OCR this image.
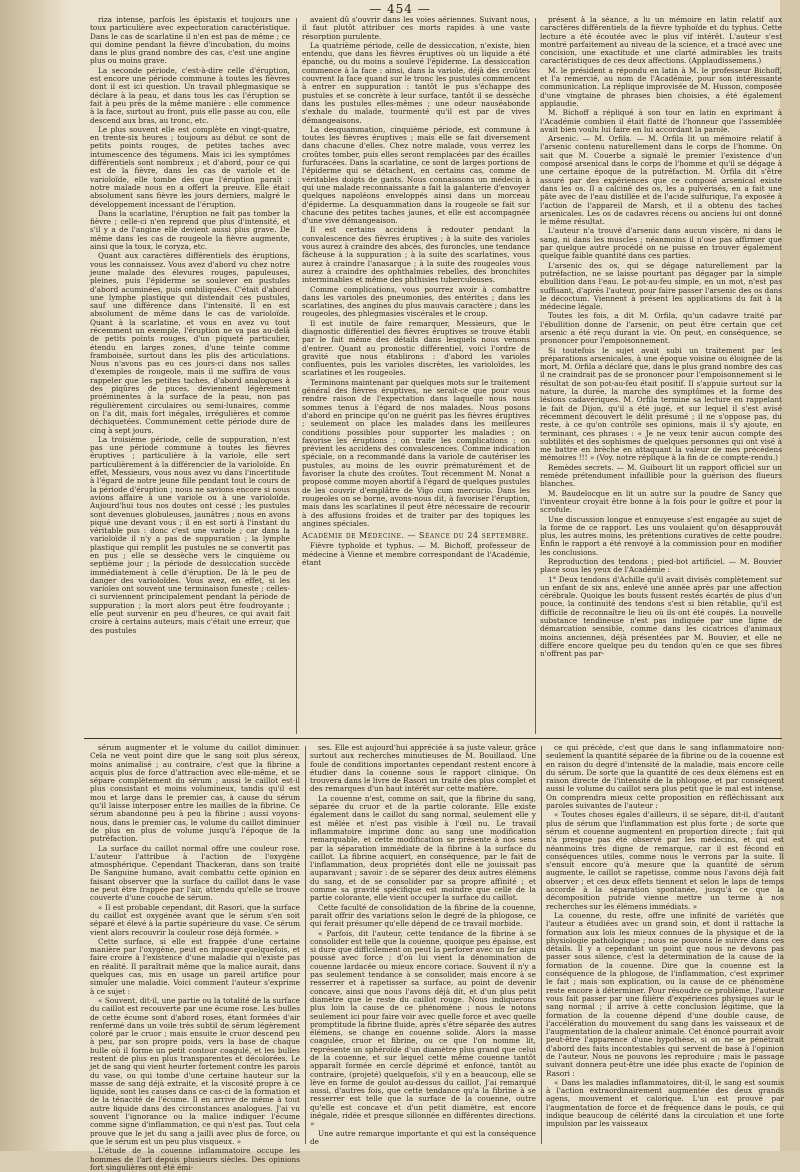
— 454 —

riza intense, parfois les épistaxis et toujours une toux particulière avec expectoration caractéristique. Dans le cas de scarlatine il n'en est pas de même ; ce qui domine pendant la fièvre d'incubation, du moins dans le plus grand nombre des cas, c'est une angine plus ou moins grave.

La seconde période, c'est-à-dire celle d'éruption, est encore une période commune à toutes les fièvres dont il est ici question. Un travail phlegmasique se déclare à la peau, et dans tous les cas l'éruption se fait à peu près de la même manière : elle commence à la face, surtout au front, puis elle passe au cou, elle descend aux bras, au tronc, etc.

Le plus souvent elle est complète en vingt-quatre, en trente-six heures ; toujours au début ce sont de petits points rouges, de petites taches avec intumescence des tégumens. Mais ici les symptômes différentiels sont nombreux ; et d'abord, pour ce qui est de la fièvre, dans les cas de variole et de varioloïde, elle tombe dès que l'éruption paraît : notre malade nous en a offert la preuve. Elle était absolument sans fièvre les jours derniers, malgré le développement incessant de l'éruption.

Dans la scarlatine, l'éruption ne fait pas tomber la fièvre ; celle-ci n'en reprend que plus d'intensité, et s'il y a de l'angine elle devient aussi plus grave. De même dans les cas de rougeole la fièvre augmente, ainsi que la toux, le coryza, etc.

Quant aux caractères différentiels des éruptions, vous les connaissez. Vous avez d'abord vu chez notre jeune malade des élevures rouges, papuleuses, pleines, puis l'épiderme se soulever en pustules d'abord acuminées, puis ombiliquées. C'était d'abord une lymphe plastique qui distendait ces pustules, sauf une différence dans l'intensité. Il en est absolument de même dans le cas de varioloïde. Quant à la scarlatine, et vous en avez vu tout récemment un exemple, l'éruption ne va pas au-delà de petits points rouges, d'un piqueté particulier, étendu en larges zones, d'une teinte comme framboisée, surtout dans les plis des articulations. Nous n'avons pas eu ces jours-ci dans nos salles d'exemples de rougeole, mais il me suffira de vous rappeler que les petites taches, d'abord analogues à des piqûres de puces, deviennent légèrement proéminentes à la surface de la peau, non pas régulièrement circulaires ou semi-lunaires, comme on l'a dit, mais fort inégales, irrégulières et comme déchiquetées. Communément cette période dure de cinq à sept jours.

La troisième période, celle de suppuration, n'est pas une période commune à toutes les fièvres éruptives ; particulière à la variole, elle sert particulièrement à la différencier de la varioloïde. En effet, Messieurs, vous nous avez vu dans l'incertitude à l'égard de notre jeune fille pendant tout le cours de la période d'éruption ; nous ne savions encore si nous avions affaire à une variole ou à une varioloïde. Aujourd'hui tous nos doutes ont cessé ; les pustules sont devenues globuleuses, jaunâtres ; nous en avons piqué une devant vous ; il en est sorti à l'instant du véritable pus : donc c'est une variole ; car dans la varioloïde il n'y a pas de suppuration ; la lymphe plastique qui remplit les pustules ne se convertit pas en pus ; elle se dessèche vers le cinquième ou septième jour ; la période de dessiccation succède immédiatement à celle d'éruption. De là le peu de danger des varioloïdes. Vous avez, en effet, si les varioles ont souvent une terminaison funeste ; celles-ci surviennent principalement pendant la période de suppuration ; la mort alors peut être foudroyante ; elle peut survenir en peu d'heures, ce qui avait fait croire à certains auteurs, mais c'était une erreur, que des pustules

avaient dû s'ouvrir dans les voies aériennes. Suivant nous, il faut plutôt attribuer ces morts rapides à une vaste résorption purulente.

La quatrième période, celle de dessiccation, n'existe, bien entendu, que dans les fièvres éruptives où un liquide a été épanché, ou du moins a soulevé l'épiderme. La dessiccation commence à la face : ainsi, dans la variole, déjà des croûtes couvrent la face quand sur le tronc les pustules commencent à entrer en suppuration : tantôt le pus s'échappe des pustules et se concrète à leur surface, tantôt il se dessèche dans les pustules elles-mêmes ; une odeur nauséabonde s'exhale du malade, tourmenté qu'il est par de vives démangeaisons.

La desquammation, cinquième période, est commune à toutes les fièvres éruptives ; mais elle se fait diversement dans chacune d'elles. Chez notre malade, vous verrez les croûtes tomber, puis elles seront remplacées par des écailles furfuracées. Dans la scarlatine, ce sont de larges portions de l'épiderme qui se détachent, en certains cas, comme de véritables doigts de gants. Nous connaissons un médecin à qui une malade reconnaissante a fait la galanterie d'envoyer quelques napoléons enveloppés ainsi dans un morceau d'épiderme. La desquammation dans la rougeole se fait sur chacune des petites taches jaunes, et elle est accompagnée d'une vive démangeaison.

Il est certains accidens à redouter pendant la convalescence des fièvres éruptives ; à la suite des varioles vous aurez à craindre des abcès, des furoncles, une tendance fâcheuse à la suppuration ; à la suite des scarlatines, vous aurez à craindre l'anasarque ; à la suite des rougeoles vous aurez à craindre des ophthalmies rebelles, des bronchites interminables et même des phthisies tuberculeuses.

Comme complications, vous pourrez avoir à combattre dans les varioles des pneumonies, des entérites ; dans les scarlatines, des angines du plus mauvais caractère ; dans les rougeoles, des phlegmasies viscérales et le croup.

Il est inutile de faire remarquer, Messieurs, que le diagnostic différentiel des fièvres éruptives se trouve établi par le fait même des détails dans lesquels nous venons d'entrer. Quant au pronostic différentiel, voici l'ordre de gravité que nous établirons : d'abord les varioles confluentes, puis les varioles discrètes, les varioloïdes, les scarlatines et les rougeoles.

Terminons maintenant par quelques mots sur le traitement général des fièvres éruptives, ne serait-ce que pour vous rendre raison de l'expectation dans laquelle nous nous sommes tenus à l'égard de nos malades. Nous posons d'abord en principe qu'on ne guérit pas les fièvres éruptives ; seulement on place les malades dans les meilleures conditions possibles pour supporter les maladies ; on favorise les éruptions ; on traite les complications ; on prévient les accidens des convalescences. Comme indication spéciale, on a recommandé dans la variole de cautériser les pustules, au moins de les ouvrir prématurément et de favoriser la chute des croûtes. Tout récemment M. Nonat a proposé comme moyen abortif à l'égard de quelques pustules de les couvrir d'emplâtre de Vigo cum mercurio. Dans les rougeoles on se borne, avons-nous dit, à favoriser l'éruption, mais dans les scarlatines il peut être nécessaire de recourir à des affusions froides et de traiter par des topiques les angines spéciales.

Académie de Médecine. — Séance du 24 septembre.

Fièvre typhoïde et typhus. — M. Bichoff, professeur de médecine à Vienne et membre correspondant de l'Académie, étant

présent à la séance, a lu un mémoire en latin relatif aux caractères différentiels de la fièvre typhoïde et du typhus. Cette lecture a été écoutée avec le plus vif intérêt. L'auteur s'est montré parfaitement au niveau de la science, et a tracé avec une concision, une exactitude et une clarté admirables les traits caractéristiques de ces deux affections. (Applaudissemens.)

M. le président a répondu en latin à M. le professeur Bichoff, et l'a remercié, au nom de l'Académie, pour son intéressante communication. La réplique improvisée de M. Husson, composée d'une vingtaine de phrases bien choisies, a été également applaudie.

M. Bichoff a répliqué à son tour en latin en exprimant à l'Académie combien il était flatté de l'honneur que l'assemblée avait bien voulu lui faire en lui accordant la parole.

Arsenic. — M. Orfila. — M. Orfila lit un mémoire relatif à l'arsenic contenu naturellement dans le corps de l'homme. On sait que M. Couerbe a signalé le premier l'existence d'un composé arsenical dans le corps de l'homme et qu'il se dégage à une certaine époque de la putréfaction. M. Orfila dit s'être assuré par des expériences que ce composé arsenical existe dans les os. Il a calciné des os, les a pulvérisés, en a fait une pâte avec de l'eau distillée et de l'acide sulfurique, l'a exposée à l'action de l'appareil de Marsh, et il a obtenu des taches arsenicales. Les os de cadavres récens ou anciens lui ont donné le même résultat.

L'auteur n'a trouvé d'arsenic dans aucun viscère, ni dans le sang, ni dans les muscles ; néanmoins il n'ose pas affirmer que par quelque autre procédé on ne puisse en trouver également quelque faible quantité dans ces parties.

L'arsenic des os, qui se dégage naturellement par la putréfaction, ne se laisse pourtant pas dégager par la simple ébullition dans l'eau. Le pot-au-feu simple, en un mot, n'est pas suffisant, d'après l'auteur, pour faire passer l'arsenic des os dans le décoctum. Viennent à présent les applications du fait à la médecine légale.

Toutes les fois, a dit M. Orfila, qu'un cadavre traité par l'ébullition donne de l'arsenic, on peut être certain que cet arsenic a été reçu durant la vie. On peut, en conséquence, se prononcer pour l'empoisonnement.

Si toutefois le sujet avait subi un traitement par les préparations arsenicales, à une époque voisine ou éloignée de la mort, M. Orfila a déclaré que, dans le plus grand nombre des cas il ne craindrait pas de se prononcer pour l'empoisonnement si le résultat de son pot-au-feu était positif. Il s'appuie surtout sur la nature, la durée, la marche des symptômes et la forme des lésions cadavériques. M. Orfila termine sa lecture en rappelant le fait de Dijon, qu'il a été jugé, et sur lequel il s'est avisé récemment découvert le délit présumé ; il ne s'oppose pas, du reste, à ce qu'on contrôle ses opinions, mais il s'y ajoute, en terminant, ces phrases : « Je ne veux tenir aucun compte des subtilités et des sophismes de quelques personnes qui ont visé à me battre en brèche en attaquant la valeur de mes précédens mémoires !!! » (Voy. notre réplique à la fin de ce compte-rendu.)

Remèdes secrets. — M. Guibourt lit un rapport officiel sur un remède prétendument infaillible pour la guérison des flueurs blanches.

M. Baudelocque en lit un autre sur la poudre de Sancy que l'inventeur croyait être bonne à la fois pour le goître et pour la scrofule.

Une discussion longue et ennuyeuse s'est engagée au sujet de la forme de ce rapport. Les uns voulaient qu'on désapprouvât plus, les autres moins, les prétentions curatives de cette poudre. Enfin le rapport a été renvoyé à la commission pour en modifier les conclusions.

Reproduction des tendons ; pied-bot artificiel. — M. Bouvier place sous les yeux de l'Académie :

1° Deux tendons d'Achille qu'il avait divisés complètement sur un enfant de six ans, enlevé une année après par une affection cérébrale. Quoique les bouts fussent restés écartés de plus d'un pouce, la continuité des tendons s'est si bien rétablie, qu'il est difficile de reconnaître le lieu où ils ont été coupés. La nouvelle substance tendineuse n'est pas indiquée par une ligne de démarcation sensible, comme dans les cicatrices d'animaux moins anciennes, déjà présentées par M. Bouvier, et elle ne diffère encore quelque peu du tendon qu'en ce que ses fibres n'offrent pas par-

sérum augmenter et le volume du caillot diminuer. Cela ne veut point dire que le sang soit plus séreux, moins animalisé ; au contraire, c'est que la fibrine a acquis plus de force d'attraction avec elle-même, et se sépare complètement du sérum ; aussi le caillot est-il plus consistant et moins volumineux, tandis qu'il est mou et large dans le premier cas, à cause du sérum qu'il laisse interposer entre les mailles de la fibrine. Ce sérum abandonné peu à peu la fibrine ; aussi voyons-nous, dans le premier cas, le volume du caillot diminuer de plus en plus de volume jusqu'à l'époque de la putréfaction.

La surface du caillot normal offre une couleur rose. L'auteur l'attribue à l'action de l'oxygène atmosphérique. Cependant Thackeran, dans son traité De Sanguine humano, avait combattu cette opinion en faisant observer que la surface du caillot dans le vase ne peut être frappée par l'air, attendu qu'elle se trouve couverte d'une couche de sérum.

« Il est probable cependant, dit Rasori, que la surface du caillot est oxygénée avant que le sérum s'en soit séparé et élevé à la partie supérieure du vase. Ce sérum vient alors recouvrir la couleur rose déjà formée. »

Cette surface, si elle est frappée d'une certaine manière par l'oxygène, peut en imposer quelquefois, et faire croire à l'existence d'une maladie qui n'existe pas en réalité. Il paraîtrait même que la malice aurait, dans quelques cas, mis en usage un pareil artifice pour simuler une maladie. Voici comment l'auteur s'exprime à ce sujet :

« Souvent, dit-il, une partie ou la totalité de la surface du caillot est recouverte par une écume rose. Les bulles de cette écume sont d'abord roses, étant formées d'air renfermé dans un voile très subtil de sérum légèrement coloré par le cruor ; mais ensuite le cruor descend peu à peu, par son propre poids, vers la base de chaque bulle où il forme un petit contour coagulé, et les bulles restent de plus en plus transparentes et décolorées. Le jet de sang qui vient heurter fortement contre les parois du vase, ou qui tombe d'une certaine hauteur sur la masse de sang déjà extraite, et la viscosité propre à ce liquide, sont les causes dans ce cas-ci de la formation et de la ténacité de l'écume. Il en arrive de même à tout autre liquide dans des circonstances analogues. J'ai vu souvent l'ignorance ou la malice indiquer l'écume comme signe d'inflammation, ce qui n'est pas. Tout cela prouve que le jet du sang a jailli avec plus de force, ou que le sérum est un peu plus visqueux. »

L'étude de la couenne inflammatoire occupe les hommes de l'art depuis plusieurs siècles. Des opinions fort singulières ont été émi-

ses. Elle est aujourd'hui appréciée à sa juste valeur, grâce surtout aux recherches minutieuses de M. Bouillaud. Une foule de conditions importantes cependant restent encore à étudier dans la couenne sous le rapport clinique. On trouvera dans le livre de Rasori un traité des plus complet et des remarques d'un haut intérêt sur cette matière.

La couenne n'est, comme on sait, que la fibrine du sang, séparée du cruor et de la partie colorante. Elle existe également dans le caillot du sang normal, seulement elle y est mêlée et n'est pas visible à l'œil nu. Le travail inflammatoire imprime donc au sang une modification remarquable, et cette modification se présente à nos sens par la séparation immédiate de la fibrine à la surface du caillot. La fibrine acquiert, en conséquence, par le fait de l'inflammation, deux propriétés dont elle ne jouissait pas auparavant ; savoir : de se séparer des deux autres élémens du sang, et de se consolider par sa propre affinité ; et comme sa gravité spécifique est moindre que celle de la partie colorante, elle vient occuper la surface du caillot.

Cette faculté de consolidation de la fibrine de la couenne, paraît offrir des variations selon le degré de la phlogose, ce qui ferait présumer qu'elle dépend de ce travail morbide.

« Parfois, dit l'auteur, cette tendance de la fibrine à se consolider est telle que la couenne, quoique peu épaisse, est si dure que difficilement on peut la perforer avec un fer aigu poussé avec force ; d'où lui vient la dénomination de couenne lardacée ou mieux encore coriace. Souvent il n'y a pas seulement tendance à se consolider, mais encore à se resserrer et à rapetisser sa surface, au point de devenir concave, ainsi que nous l'avons déjà dit, et d'un plus petit diamètre que le reste du caillot rouge. Nous indiquerons plus loin la cause de ce phénomène ; nous le notons seulement ici pour faire voir avec quelle force et avec quelle promptitude la fibrine fluide, après s'être séparée des autres élémens, se change en couenne solide. Alors la masse coagulée, cruor et fibrine, ou ce que l'on nomme lit, représente un sphéroïde d'un diamètre plus grand que celui de la couenne, et sur lequel cette même couenne tantôt apparaît formée en cercle déprimé et enfoncé, tantôt au contraire, (projeté) quelquefois, s'il y en a beaucoup, elle se lève en forme de goulot au-dessus du caillot. J'ai remarqué aussi, d'autres fois, que cette tendance qu'a la fibrine à se resserrer est telle que la surface de la couenne, outre qu'elle est concave et d'un petit diamètre, est encore inégale, ridée et presque sillonnée en différentes directions. »

Une autre remarque importante et qui est la conséquence de

ce qui précède, c'est que dans le sang inflammatoire non-seulement la quantité séparée de la fibrine ou de la couenne est en raison du degré d'intensité de la maladie, mais encore celle du sérum. De sorte que la quantité de ces deux élémens est en raison directe de l'intensité de la phlogose, et par conséquent aussi le volume du caillot sera plus petit que le mal est intense. On comprendra mieux cette proposition en réfléchissant aux paroles suivantes de l'auteur :

« Toutes choses égales d'ailleurs, il se sépare, dit-il, d'autant plus de sérum que l'inflammation est plus forte ; de sorte que sérum et couenne augmentent en proportion directe ; fait qui n'a presque pas été observé par les médecins, et qui est néanmoins très digne de remarque, car il est fécond en conséquences utiles, comme nous le verrons par la suite. Il s'ensuit encore qu'à mesure que la quantité de sérum augmente, le caillot se rapetisse, comme nous l'avons déjà fait observer ; et ces deux effets tiennent et selon le laps de temps accordé à la séparation spontanée, jusqu'à ce que la décomposition putride vienne mettre un terme à nos recherches sur les élémens immédiats. »

La couenne, du reste, offre une infinité de variétés que l'auteur a étudiées avec un grand soin, et dont il rattache la formation aux lois les mieux connues de la physique et de la physiologie pathologique ; nous ne pouvons le suivre dans ces détails. Il y a cependant un point que nous ne devons pas passer sous silence, c'est la détermination de la cause de la formation de la couenne. Dire que la couenne est la conséquence de la phlogose, de l'inflammation, c'est exprimer le fait ; mais son explication, ou la cause de ce phénomène reste encore à déterminer. Pour résoudre ce problème, l'auteur vous fait passer par une filière d'expériences physiques sur le sang normal ; il arrive à cette conclusion légitime, que la formation de la couenne dépend d'une double cause, de l'accélération du mouvement du sang dans les vaisseaux et de l'augmentation de la chaleur animale. Cet énoncé pourrait avoir peut-être l'apparence d'une hypothèse, si on ne se pénétrait d'abord des faits incontestables qui servent de base à l'opinion de l'auteur. Nous ne pouvons les reproduire ; mais le passage suivant donnera peut-être une idée plus exacte de l'opinion de Rasori :

« Dans les maladies inflammatoires, dit-il, le sang est soumis à l'action extraordinairement augmentée des deux grands agens, mouvement et calorique. L'un est prouvé par l'augmentation de force et de fréquence dans le pouls, ce qui indique beaucoup de célérité dans la circulation et une forte impulsion par les vaisseaux
